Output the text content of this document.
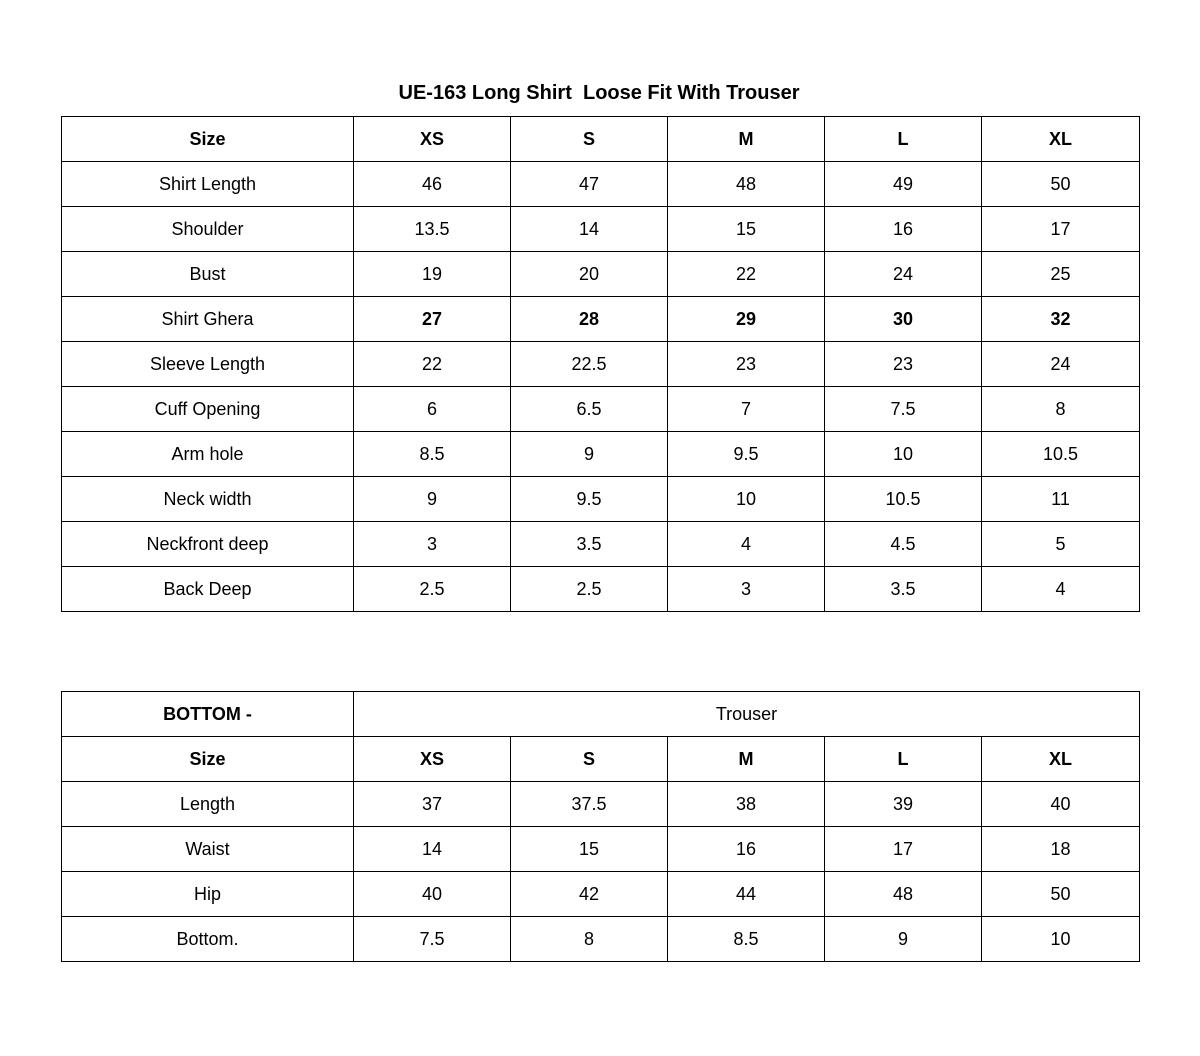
UE-163 Long Shirt  Loose Fit With Trouser
Size	XS	S	M	L	XL
Shirt Length	46	47	48	49	50
Shoulder	13.5	14	15	16	17
Bust	19	20	22	24	25
Shirt Ghera	27	28	29	30	32
Sleeve Length	22	22.5	23	23	24
Cuff Opening	6	6.5	7	7.5	8
Arm hole	8.5	9	9.5	10	10.5
Neck width	9	9.5	10	10.5	11
Neckfront deep	3	3.5	4	4.5	5
Back Deep	2.5	2.5	3	3.5	4
BOTTOM -	Trouser				
Size	XS	S	M	L	XL
Length	37	37.5	38	39	40
Waist	14	15	16	17	18
Hip	40	42	44	48	50
Bottom.	7.5	8	8.5	9	10
